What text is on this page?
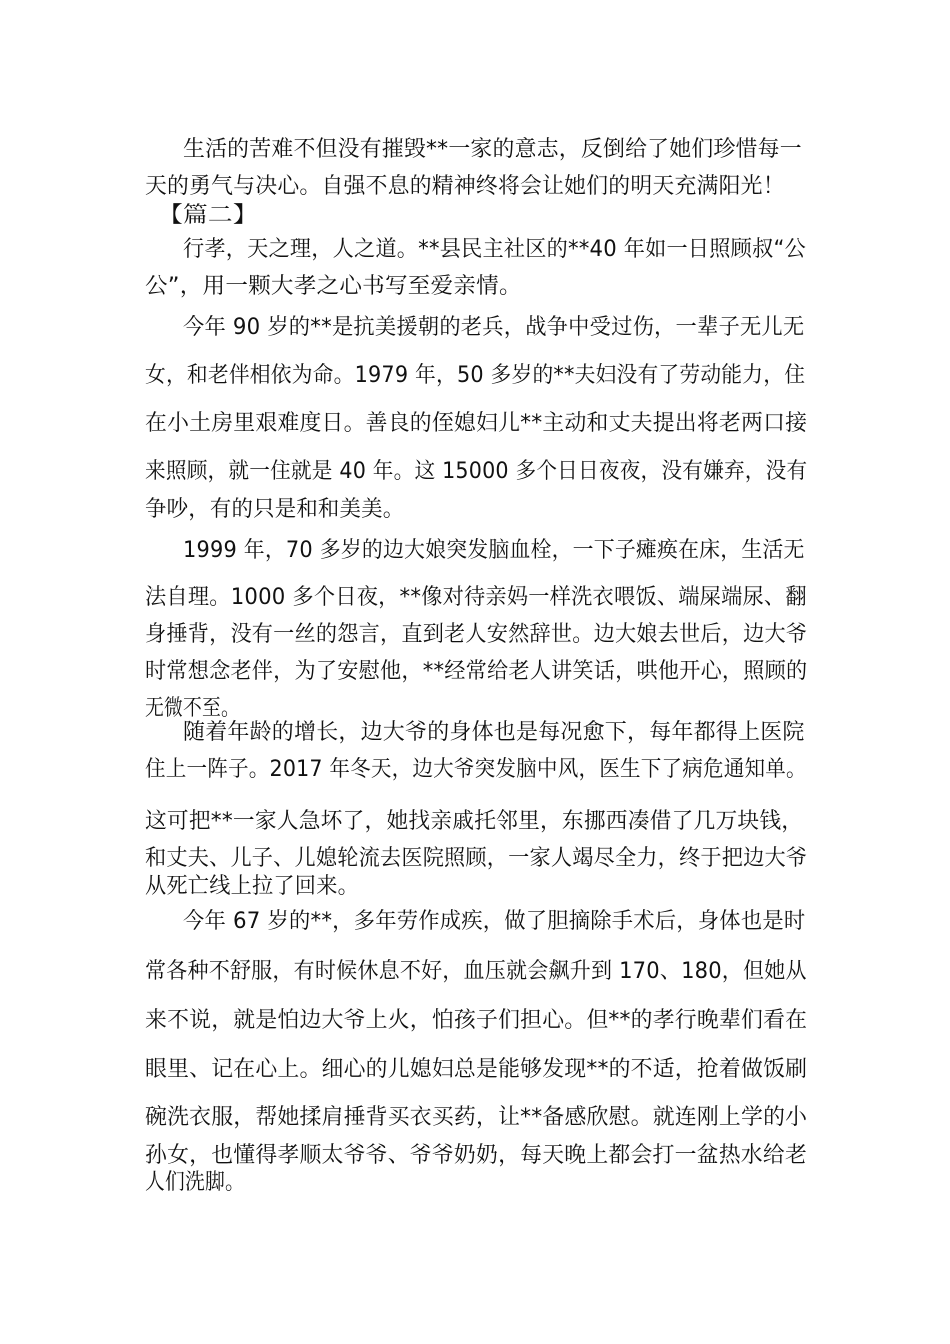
生活的苦难不但没有摧毁**一家的意志，反倒给了她们珍惜每一

天的勇气与决心。自强不息的精神终将会让她们的明天充满阳光！

【篇二】

行孝，天之理，人之道。**县民主社区的**40 年如一日照顾叔“公

公”，用一颗大孝之心书写至爱亲情。

今年 90 岁的**是抗美援朝的老兵，战争中受过伤，一辈子无儿无

女，和老伴相依为命。1979 年，50 多岁的**夫妇没有了劳动能力，住

在小土房里艰难度日。善良的侄媳妇儿**主动和丈夫提出将老两口接

来照顾，就一住就是 40 年。这 15000 多个日日夜夜，没有嫌弃，没有

争吵，有的只是和和美美。

1999 年，70 多岁的边大娘突发脑血栓，一下子瘫痪在床，生活无

法自理。1000 多个日夜，**像对待亲妈一样洗衣喂饭、端屎端尿、翻

身捶背，没有一丝的怨言，直到老人安然辞世。边大娘去世后，边大爷

时常想念老伴，为了安慰他，**经常给老人讲笑话，哄他开心，照顾的

无微不至。

随着年龄的增长，边大爷的身体也是每况愈下，每年都得上医院

住上一阵子。2017 年冬天，边大爷突发脑中风，医生下了病危通知单。

这可把**一家人急坏了，她找亲戚托邻里，东挪西凑借了几万块钱，

和丈夫、儿子、儿媳轮流去医院照顾，一家人竭尽全力，终于把边大爷

从死亡线上拉了回来。

今年 67 岁的**，多年劳作成疾，做了胆摘除手术后，身体也是时

常各种不舒服，有时候休息不好，血压就会飙升到 170、180，但她从

来不说，就是怕边大爷上火，怕孩子们担心。但**的孝行晚辈们看在

眼里、记在心上。细心的儿媳妇总是能够发现**的不适，抢着做饭刷

碗洗衣服，帮她揉肩捶背买衣买药，让**备感欣慰。就连刚上学的小

孙女，也懂得孝顺太爷爷、爷爷奶奶，每天晚上都会打一盆热水给老

人们洗脚。
